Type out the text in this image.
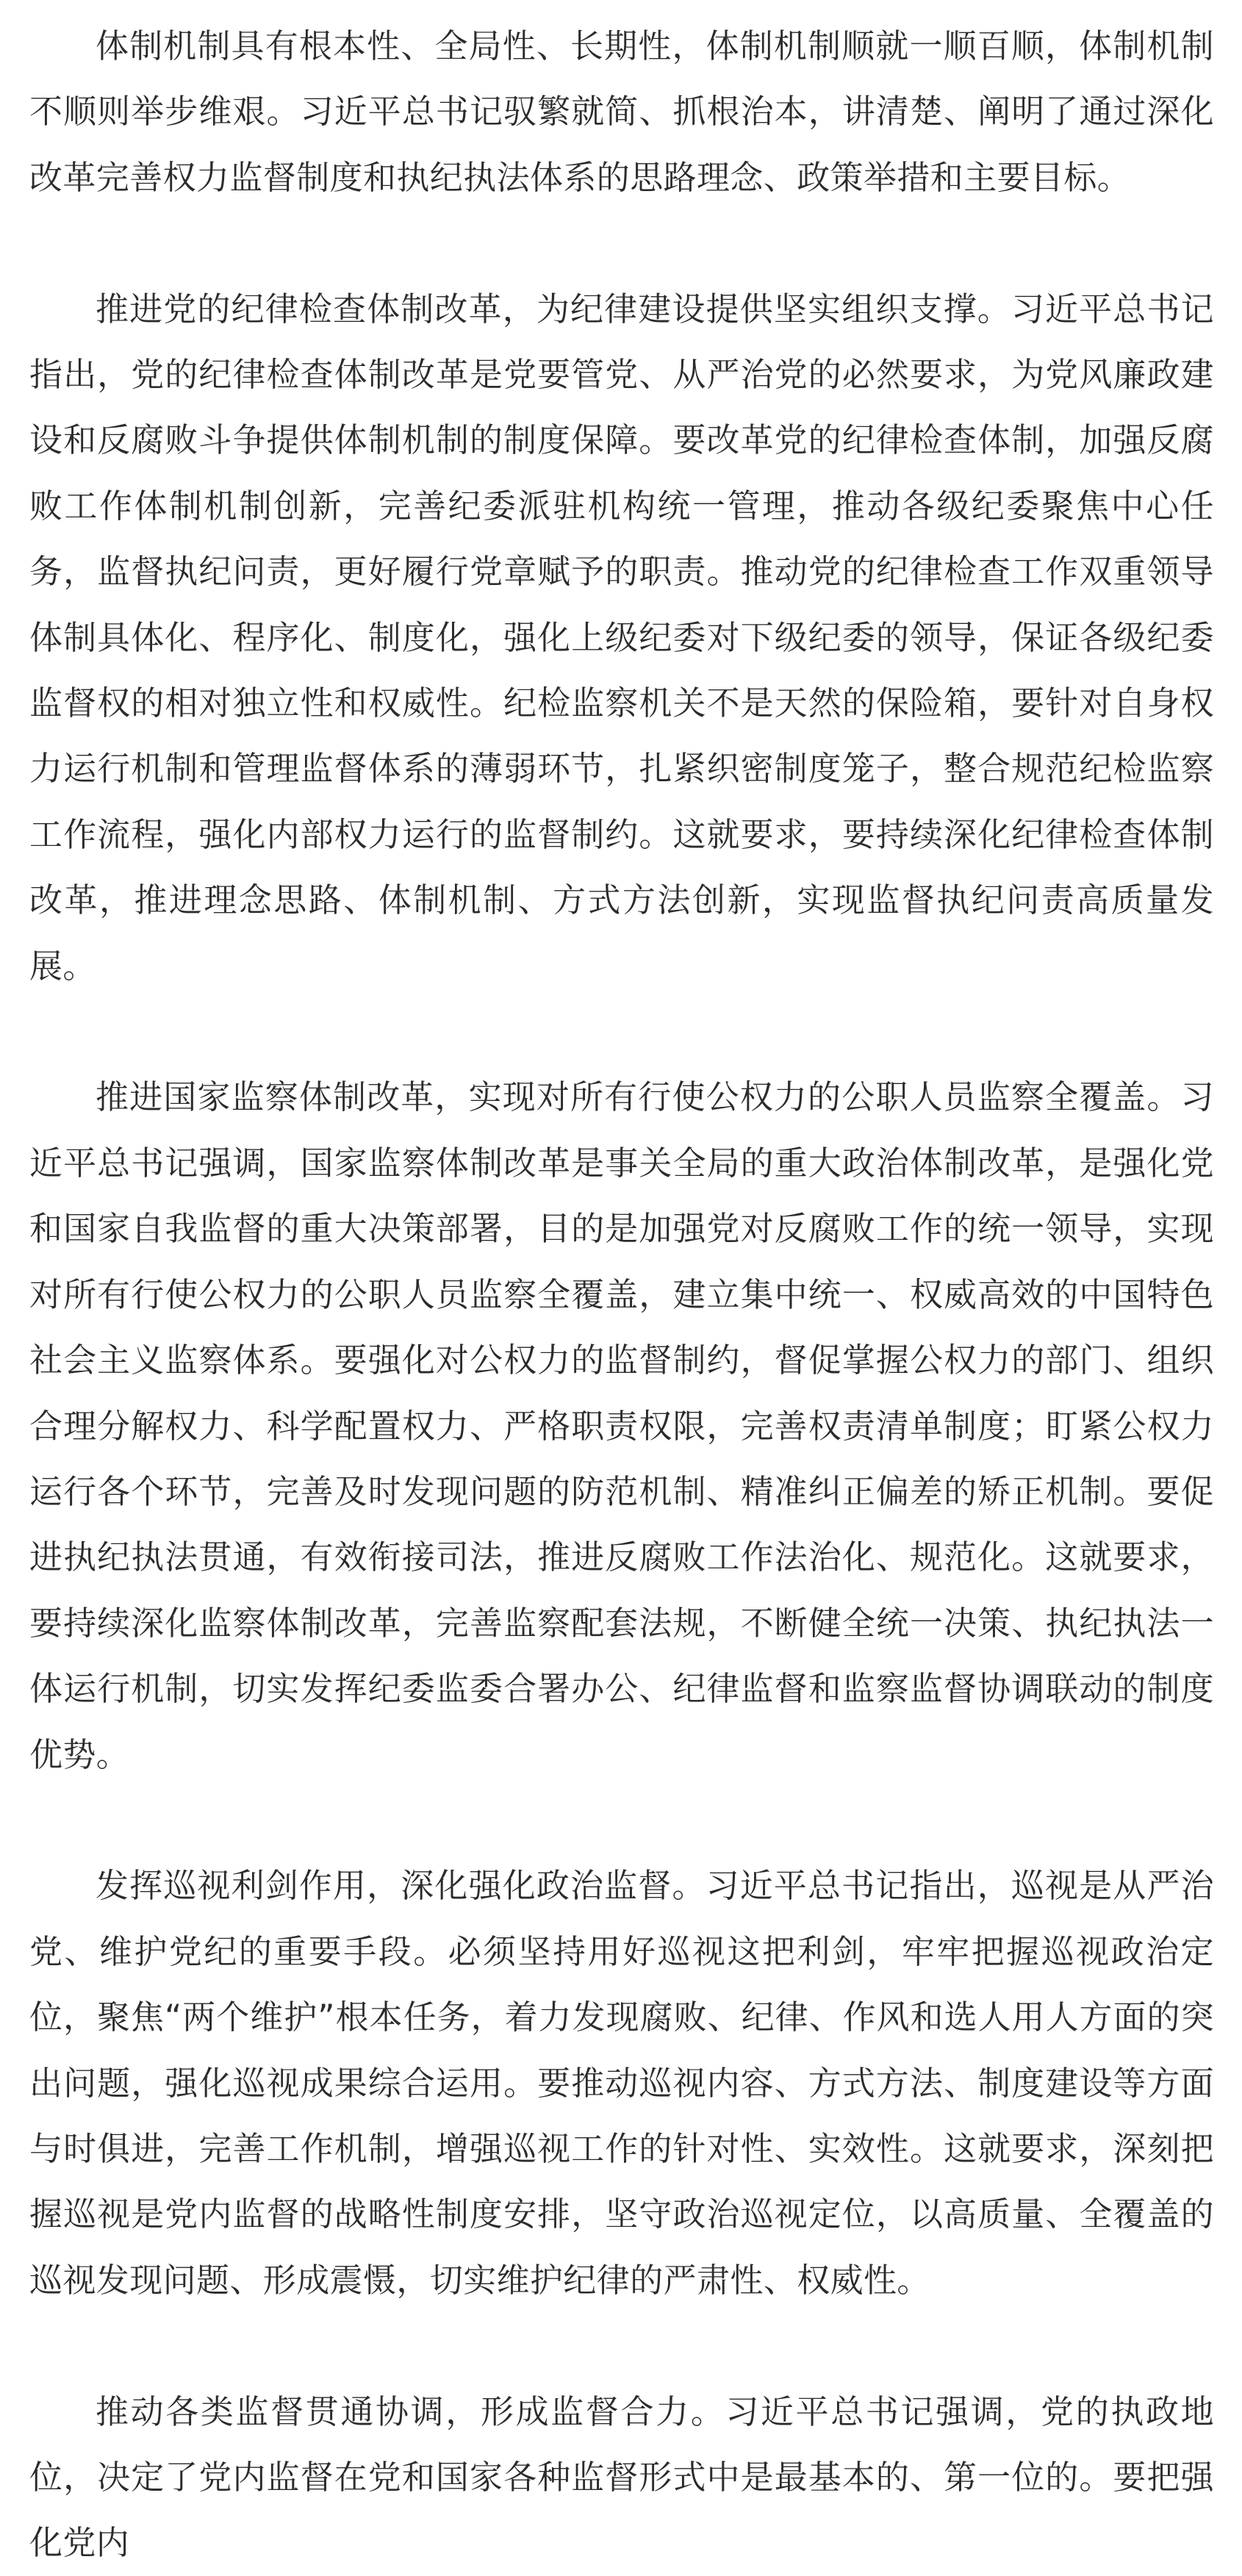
体制机制具有根本性、全局性、长期性，体制机制顺就一顺百顺，体制机制不顺则举步维艰。习近平总书记驭繁就简、抓根治本，讲清楚、阐明了通过深化改革完善权力监督制度和执纪执法体系的思路理念、政策举措和主要目标。

推进党的纪律检查体制改革，为纪律建设提供坚实组织支撑。习近平总书记指出，党的纪律检查体制改革是党要管党、从严治党的必然要求，为党风廉政建设和反腐败斗争提供体制机制的制度保障。要改革党的纪律检查体制，加强反腐败工作体制机制创新，完善纪委派驻机构统一管理，推动各级纪委聚焦中心任务，监督执纪问责，更好履行党章赋予的职责。推动党的纪律检查工作双重领导体制具体化、程序化、制度化，强化上级纪委对下级纪委的领导，保证各级纪委监督权的相对独立性和权威性。纪检监察机关不是天然的保险箱，要针对自身权力运行机制和管理监督体系的薄弱环节，扎紧织密制度笼子，整合规范纪检监察工作流程，强化内部权力运行的监督制约。这就要求，要持续深化纪律检查体制改革，推进理念思路、体制机制、方式方法创新，实现监督执纪问责高质量发展。

推进国家监察体制改革，实现对所有行使公权力的公职人员监察全覆盖。习近平总书记强调，国家监察体制改革是事关全局的重大政治体制改革，是强化党和国家自我监督的重大决策部署，目的是加强党对反腐败工作的统一领导，实现对所有行使公权力的公职人员监察全覆盖，建立集中统一、权威高效的中国特色社会主义监察体系。要强化对公权力的监督制约，督促掌握公权力的部门、组织合理分解权力、科学配置权力、严格职责权限，完善权责清单制度；盯紧公权力运行各个环节，完善及时发现问题的防范机制、精准纠正偏差的矫正机制。要促进执纪执法贯通，有效衔接司法，推进反腐败工作法治化、规范化。这就要求，要持续深化监察体制改革，完善监察配套法规，不断健全统一决策、执纪执法一体运行机制，切实发挥纪委监委合署办公、纪律监督和监察监督协调联动的制度优势。

发挥巡视利剑作用，深化强化政治监督。习近平总书记指出，巡视是从严治党、维护党纪的重要手段。必须坚持用好巡视这把利剑，牢牢把握巡视政治定位，聚焦“两个维护”根本任务，着力发现腐败、纪律、作风和选人用人方面的突出问题，强化巡视成果综合运用。要推动巡视内容、方式方法、制度建设等方面与时俱进，完善工作机制，增强巡视工作的针对性、实效性。这就要求，深刻把握巡视是党内监督的战略性制度安排，坚守政治巡视定位，以高质量、全覆盖的巡视发现问题、形成震慑，切实维护纪律的严肃性、权威性。

推动各类监督贯通协调，形成监督合力。习近平总书记强调，党的执政地位，决定了党内监督在党和国家各种监督形式中是最基本的、第一位的。要把强化党内
